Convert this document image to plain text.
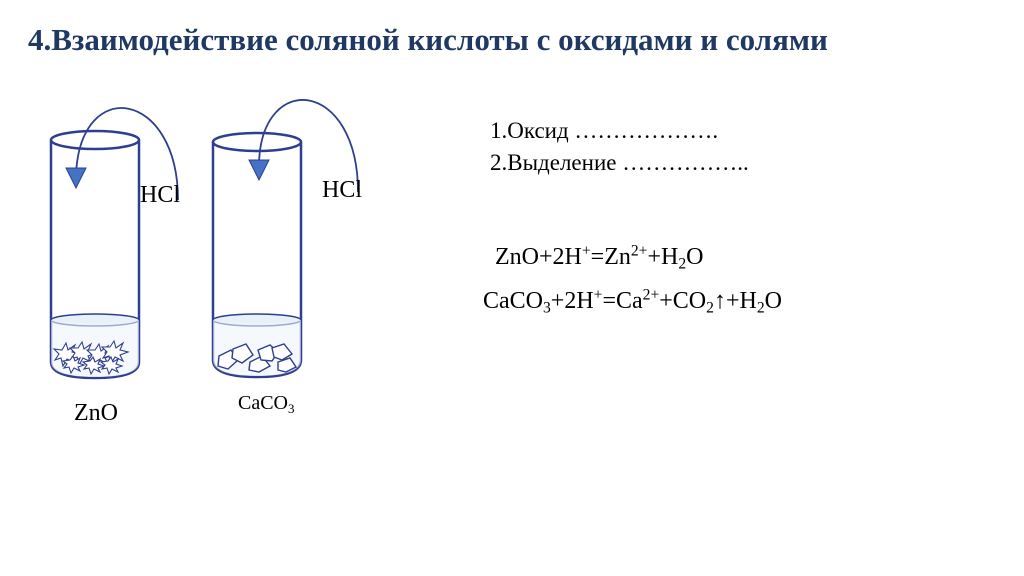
4.Взаимодействие соляной кислоты с оксидами и солями
HCl	HCl
ZnO	CaCO$_3$
1.Оксид ……………….
2.Выделение ……………..
$ZnO+2H^+=Zn^{2+}+H_2O$
$CaCO_3+2H^+=Ca^{2+}+CO_2↑+H_2O$
